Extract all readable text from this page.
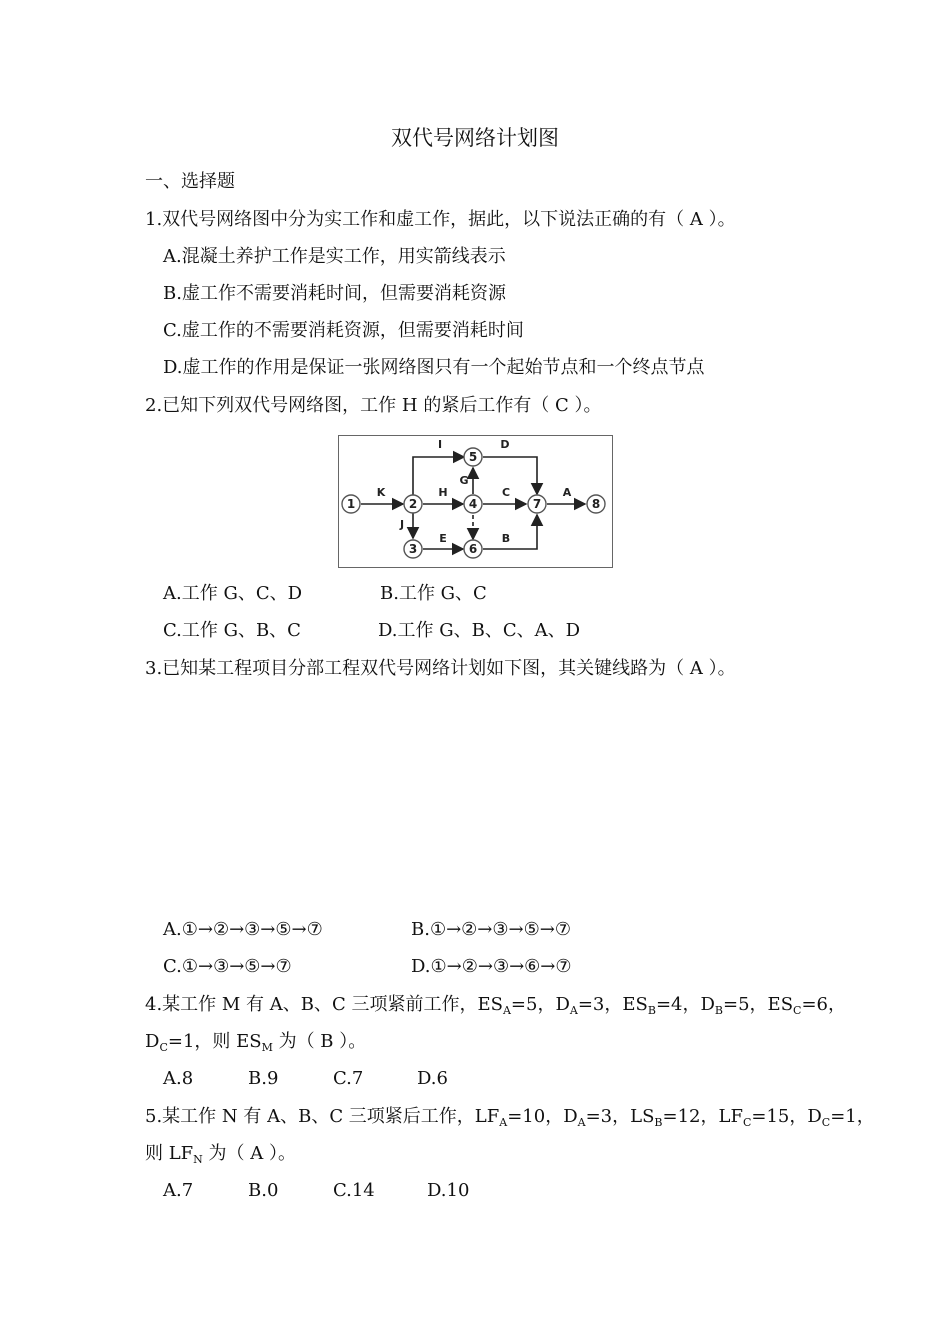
双代号网络计划图
一、选择题
1.双代号网络图中分为实工作和虚工作，据此，以下说法正确的有（ A ）。
A.混凝土养护工作是实工作，用实箭线表示
B.虚工作不需要消耗时间，但需要消耗资源
C.虚工作的不需要消耗资源，但需要消耗时间
D.虚工作的作用是保证一张网络图只有一个起始节点和一个终点节点
2.已知下列双代号网络图，工作 H 的紧后工作有（ C ）。
1	2
3
4
5
6
7	8
K
I	D
H	C	A
G
J
E	B
A.工作 G、C、D	B.工作 G、C
C.工作 G、B、C	D.工作 G、B、C、A、D
3.已知某工程项目分部工程双代号网络计划如下图，其关键线路为（ A ）。
A.①→②→③→⑤→⑦	B.①→②→③→⑤→⑦
C.①→③→⑤→⑦	D.①→②→③→⑥→⑦
4.某工作 M 有 A、B、C 三项紧前工作，$ES_A=5$，$D_A=3$，$ES_B=4$，$D_B=5$，$ES_C=6$，
$D_C=1$，则 $ES_M$ 为（ B ）。
A.8	B.9	C.7	D.6
5.某工作 N 有 A、B、C 三项紧后工作，$LF_A=10$，$D_A=3$，$LS_B=12$，$LF_C=15$，$D_C=1$，
则 $LF_N$ 为（ A ）。
A.7	B.0	C.14	D.10
